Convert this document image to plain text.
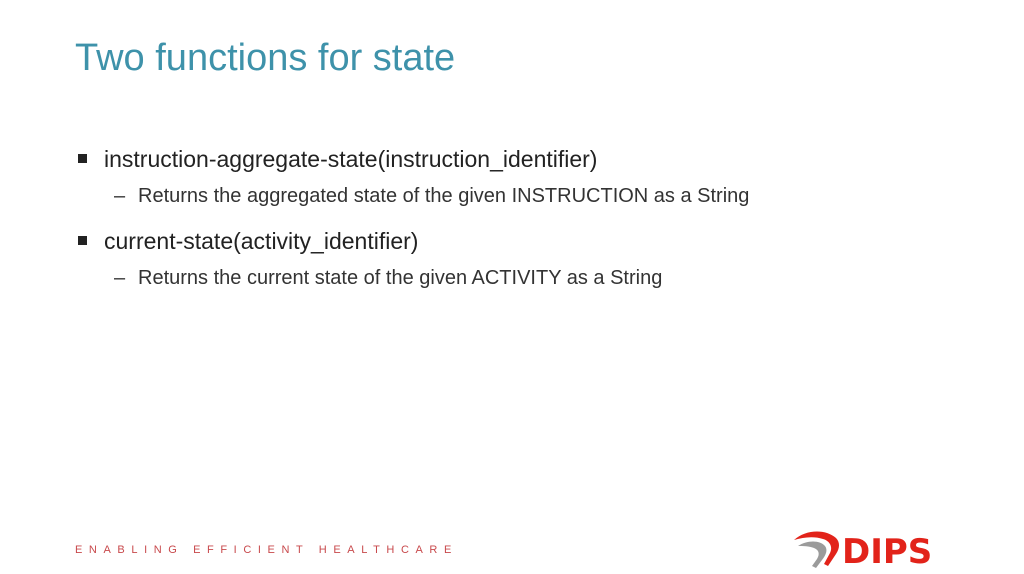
Two functions for state
instruction-aggregate-state(instruction_identifier)
– Returns the aggregated state of the given INSTRUCTION as a String
current-state(activity_identifier)
– Returns the current state of the given ACTIVITY as a String
ENABLING EFFICIENT HEALTHCARE	DIPS
